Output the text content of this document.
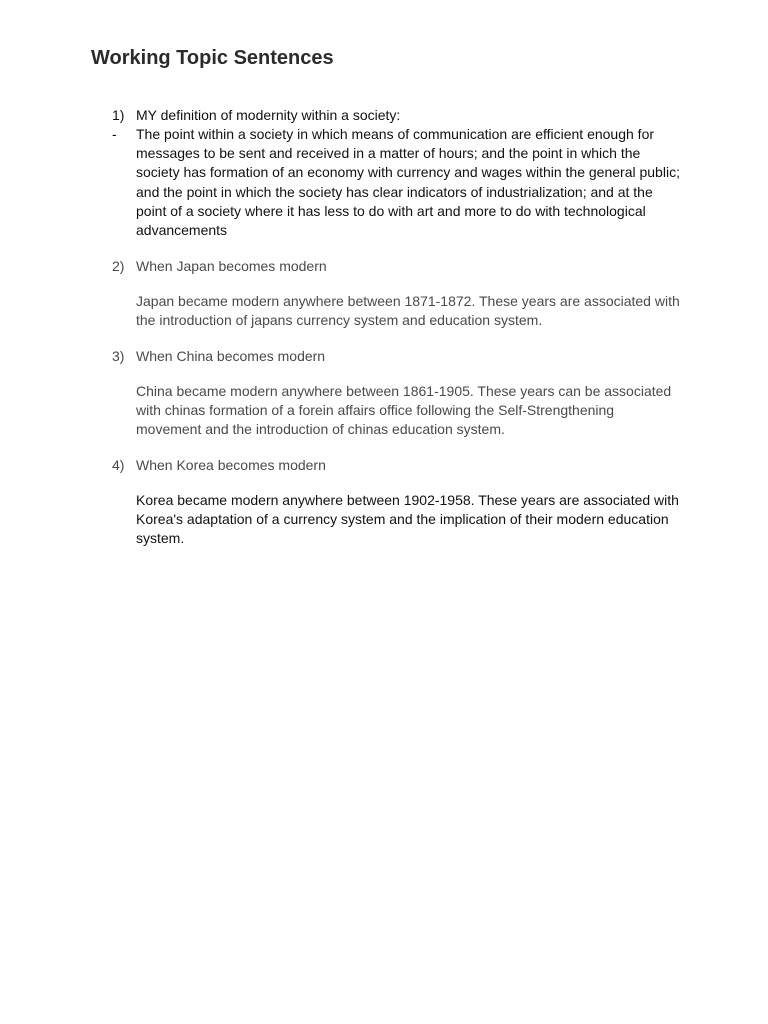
Working Topic Sentences
1) MY definition of modernity within a society:

- The point within a society in which means of communication are efficient enough for messages to be sent and received in a matter of hours; and the point in which the society has formation of an economy with currency and wages within the general public; and the point in which the society has clear indicators of industrialization; and at the point of a society where it has less to do with art and more to do with technological advancements

2) When Japan becomes modern

Japan became modern anywhere between 1871-1872. These years are associated with the introduction of japans currency system and education system.

3) When China becomes modern

China became modern anywhere between 1861-1905. These years can be associated with chinas formation of a forein affairs office following the Self-Strengthening movement and the introduction of chinas education system.

4) When Korea becomes modern

Korea became modern anywhere between 1902-1958. These years are associated with Korea's adaptation of a currency system and the implication of their modern education system.
